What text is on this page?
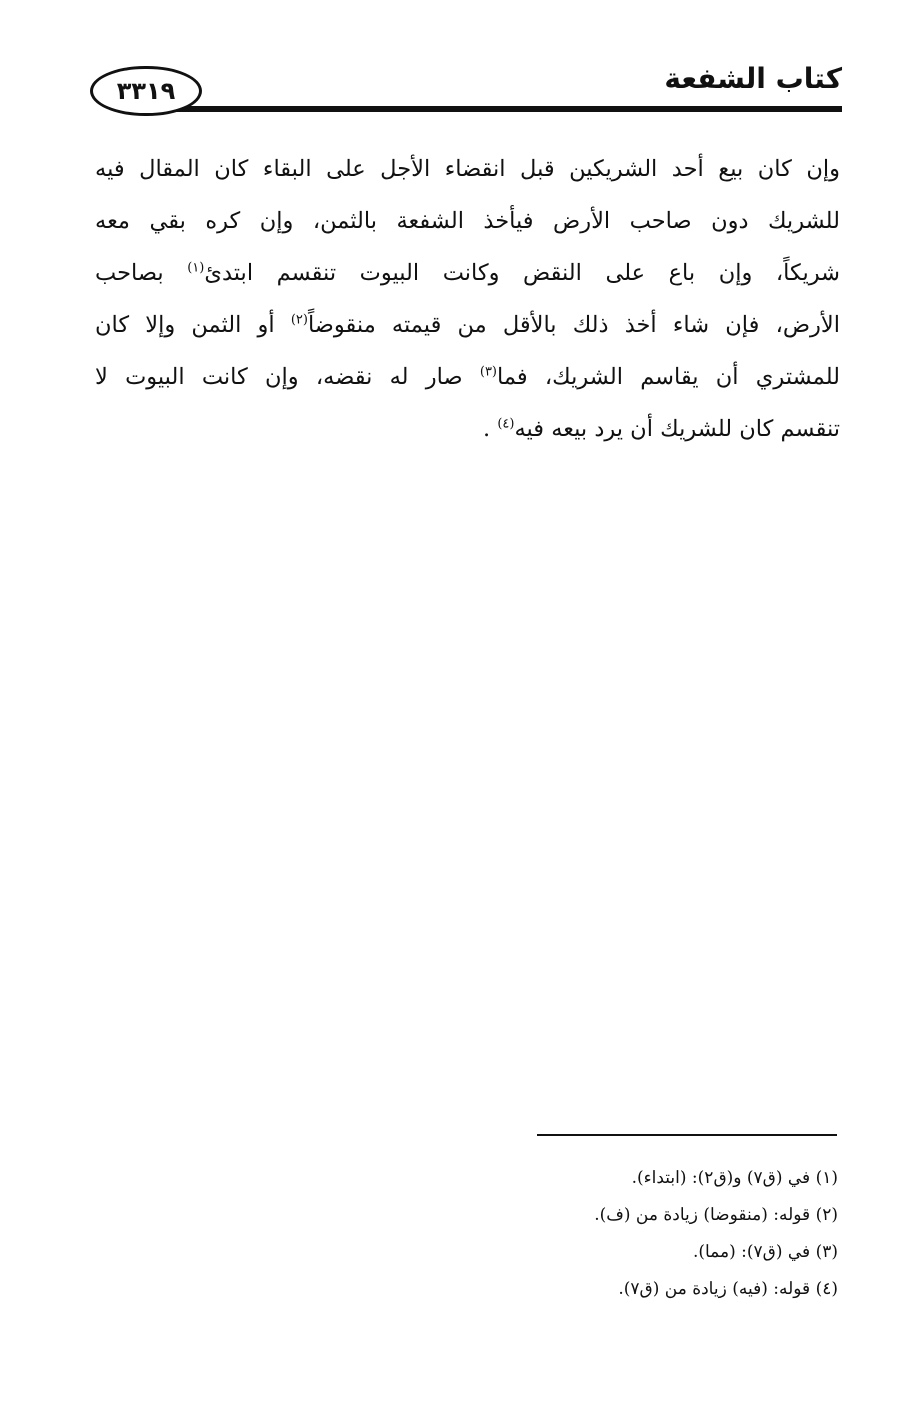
٣٣١٩	كتاب الشفعة
وإن كان بيع أحد الشريكين قبل انقضاء الأجل على البقاء كان المقال فيه
للشريك دون صاحب الأرض فيأخذ الشفعة بالثمن، وإن كره بقي معه
شريكاً، وإن باع على النقض وكانت البيوت تنقسم ابتدئ$^{(١)}$ بصاحب
الأرض، فإن شاء أخذ ذلك بالأقل من قيمته منقوضاً$^{(٢)}$ أو الثمن وإلا كان
للمشتري أن يقاسم الشريك، فما$^{(٣)}$ صار له نقضه، وإن كانت البيوت لا
تنقسم كان للشريك أن يرد بيعه فيه$^{(٤)}$ .
(١) في (ق٧) و(ق٢): (ابتداء).
(٢) قوله: (منقوضا) زيادة من (ف).
(٣) في (ق٧): (مما).
(٤) قوله: (فيه) زيادة من (ق٧).
